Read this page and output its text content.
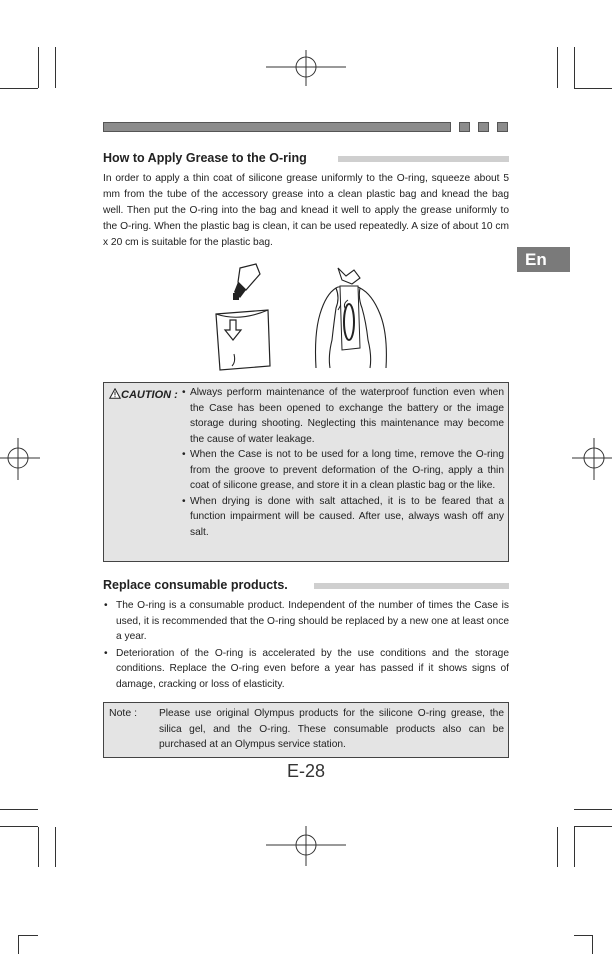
En
How to Apply Grease to the O-ring

In order to apply a thin coat of silicone grease uniformly to the O-ring, squeeze about 5 mm from the tube of the accessory grease into a clean plastic bag and knead the bag well. Then put the O-ring into the bag and knead it well to apply the grease uniformly to the O-ring. When the plastic bag is clean, it can be used repeatedly. A size of about 10 cm x 20 cm is suitable for the plastic bag.

CAUTION : • Always perform maintenance of the waterproof function even when the Case has been opened to exchange the battery or the image storage during shooting. Neglecting this maintenance may become the cause of water leakage.
• When the Case is not to be used for a long time, remove the O-ring from the groove to prevent deformation of the O-ring, apply a thin coat of silicone grease, and store it in a clean plastic bag or the like.
• When drying is done with salt attached, it is to be feared that a function impairment will be caused. After use, always wash off any salt.
Replace consumable products.
• The O-ring is a consumable product. Independent of the number of times the Case is used, it is recommended that the O-ring should be replaced by a new one at least once a year.
• Deterioration of the O-ring is accelerated by the use conditions and the storage conditions. Replace the O-ring even before a year has passed if it shows signs of damage, cracking or loss of elasticity.
Note : Please use original Olympus products for the silicone O-ring grease, the silica gel, and the O-ring. These consumable products also can be purchased at an Olympus service station.
E-28
